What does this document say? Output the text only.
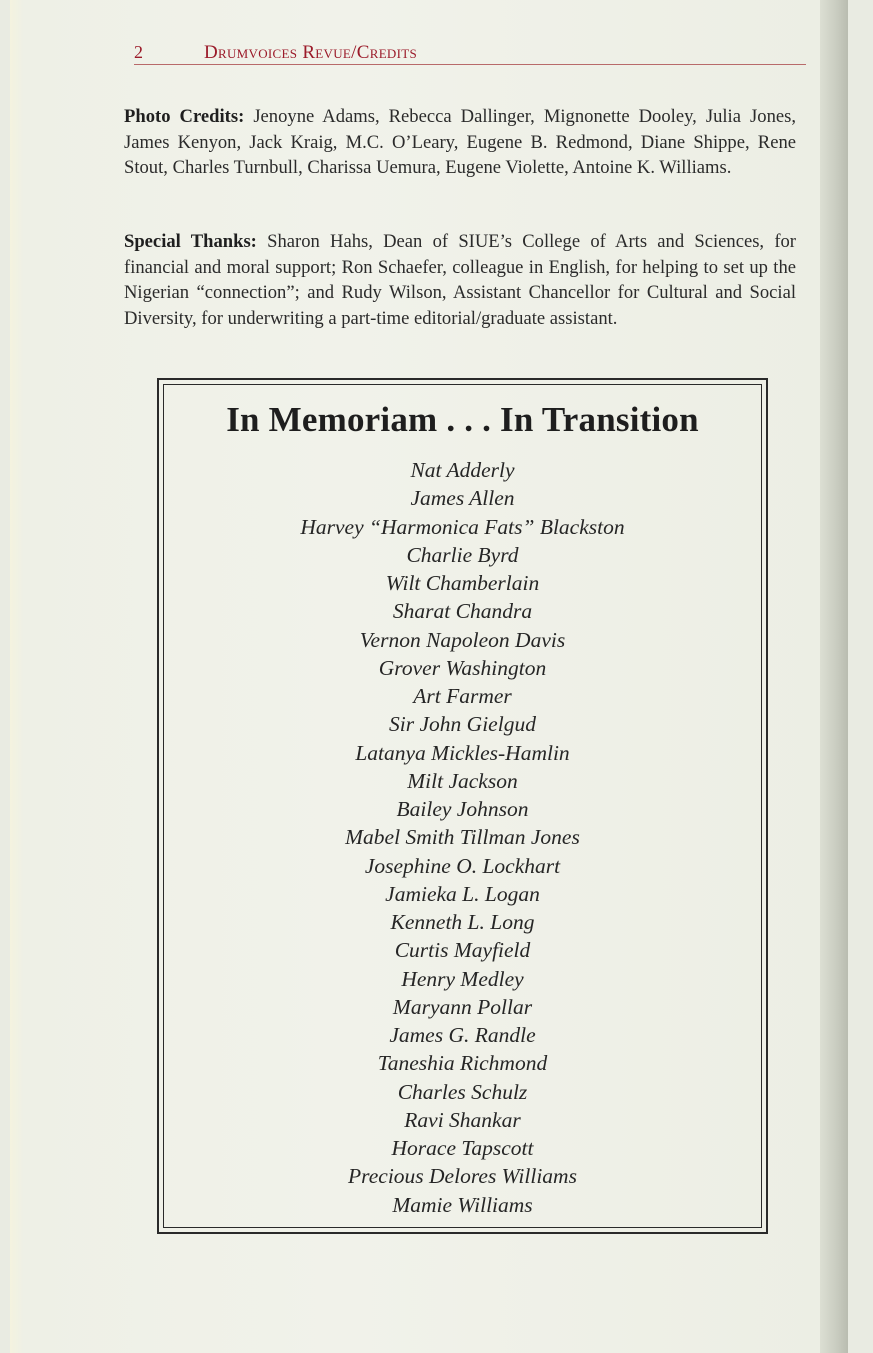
2	Drumvoices Revue/Credits
Photo Credits: Jenoyne Adams, Rebecca Dallinger, Mignonette Dooley, Julia Jones, James Kenyon, Jack Kraig, M.C. O’Leary, Eugene B. Redmond, Diane Shippe, Rene Stout, Charles Turnbull, Charissa Uemura, Eugene Violette, Antoine K. Williams.
Special Thanks: Sharon Hahs, Dean of SIUE’s College of Arts and Sciences, for financial and moral support; Ron Schaefer, colleague in English, for helping to set up the Nigerian “connection”; and Rudy Wilson, Assistant Chancellor for Cultural and Social Diversity, for underwriting a part-time editorial/graduate assistant.
In Memoriam . . . In Transition
Nat Adderly
James Allen
Harvey “Harmonica Fats” Blackston
Charlie Byrd
Wilt Chamberlain
Sharat Chandra
Vernon Napoleon Davis
Grover Washington
Art Farmer
Sir John Gielgud
Latanya Mickles-Hamlin
Milt Jackson
Bailey Johnson
Mabel Smith Tillman Jones
Josephine O. Lockhart
Jamieka L. Logan
Kenneth L. Long
Curtis Mayfield
Henry Medley
Maryann Pollar
James G. Randle
Taneshia Richmond
Charles Schulz
Ravi Shankar
Horace Tapscott
Precious Delores Williams
Mamie Williams
